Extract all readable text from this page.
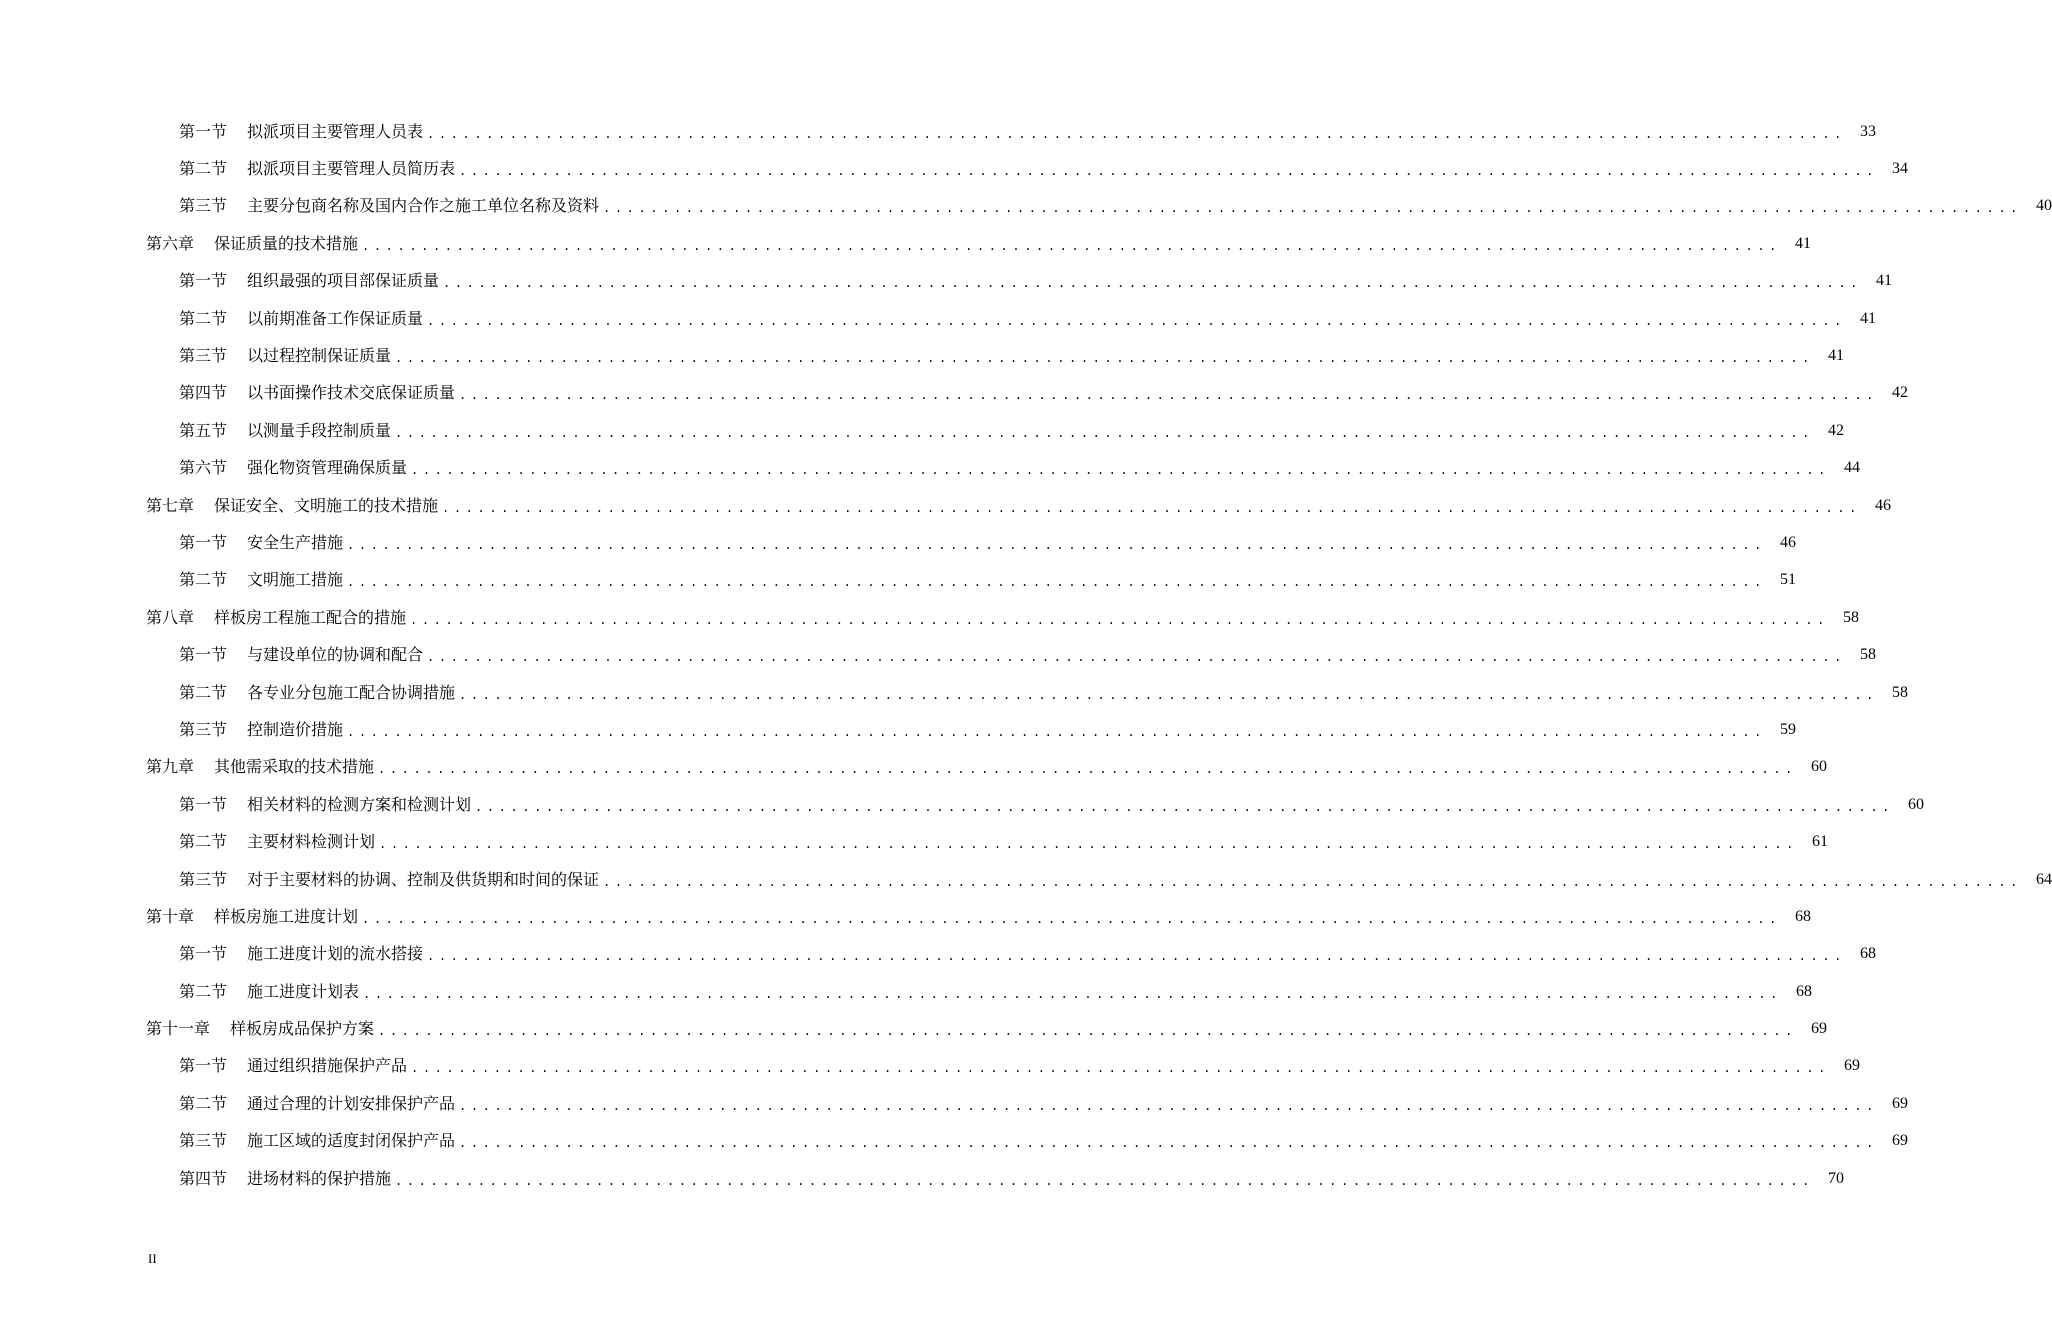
第一节 拟派项目主要管理人员表 ........................................................................................................................ 33
第二节 拟派项目主要管理人员简历表 ........................................................................................................................ 34
第三节 主要分包商名称及国内合作之施工单位名称及资料 ........................................................................................................................ 40
第六章 保证质量的技术措施 ........................................................................................................................ 41
第一节 组织最强的项目部保证质量 ........................................................................................................................ 41
第二节 以前期准备工作保证质量 ........................................................................................................................ 41
第三节 以过程控制保证质量 ........................................................................................................................ 41
第四节 以书面操作技术交底保证质量 ........................................................................................................................ 42
第五节 以测量手段控制质量 ........................................................................................................................ 42
第六节 强化物资管理确保质量 ........................................................................................................................ 44
第七章 保证安全、文明施工的技术措施 ........................................................................................................................ 46
第一节 安全生产措施 ........................................................................................................................ 46
第二节 文明施工措施 ........................................................................................................................ 51
第八章 样板房工程施工配合的措施 ........................................................................................................................ 58
第一节 与建设单位的协调和配合 ........................................................................................................................ 58
第二节 各专业分包施工配合协调措施 ........................................................................................................................ 58
第三节 控制造价措施 ........................................................................................................................ 59
第九章 其他需采取的技术措施 ........................................................................................................................ 60
第一节 相关材料的检测方案和检测计划 ........................................................................................................................ 60
第二节 主要材料检测计划 ........................................................................................................................ 61
第三节 对于主要材料的协调、控制及供货期和时间的保证 ........................................................................................................................ 64
第十章 样板房施工进度计划 ........................................................................................................................ 68
第一节 施工进度计划的流水搭接 ........................................................................................................................ 68
第二节 施工进度计划表 ........................................................................................................................ 68
第十一章 样板房成品保护方案 ........................................................................................................................ 69
第一节 通过组织措施保护产品 ........................................................................................................................ 69
第二节 通过合理的计划安排保护产品 ........................................................................................................................ 69
第三节 施工区域的适度封闭保护产品 ........................................................................................................................ 69
第四节 进场材料的保护措施 ........................................................................................................................ 70
II
